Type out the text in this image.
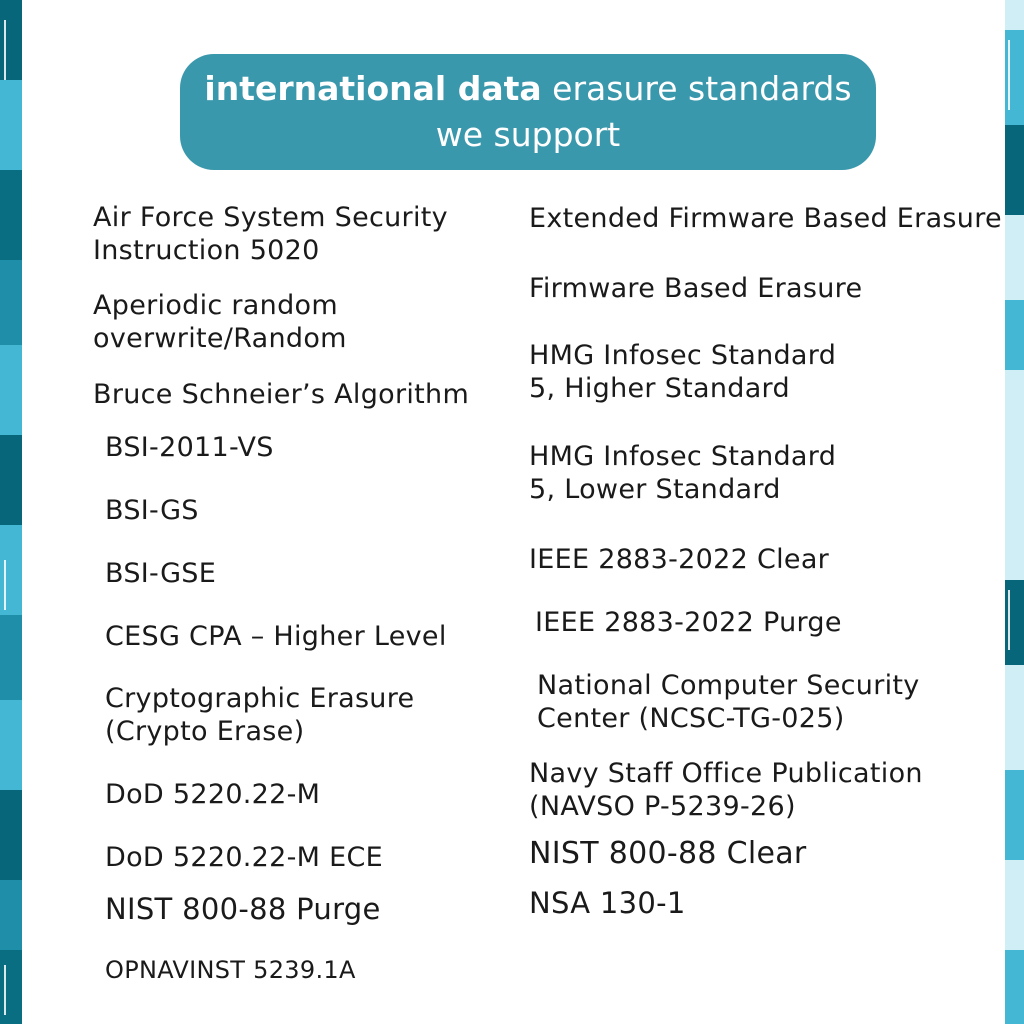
international data erasure standards
we support
Air Force System Security
Instruction 5020
Aperiodic random
overwrite/Random
Bruce Schneier’s Algorithm
BSI-2011-VS
BSI-GS
BSI-GSE
CESG CPA – Higher Level
Cryptographic Erasure
(Crypto Erase)
DoD 5220.22-M
DoD 5220.22-M ECE
NIST 800-88 Purge
OPNAVINST 5239.1A
Extended Firmware Based Erasure
Firmware Based Erasure
HMG Infosec Standard
5, Higher Standard
HMG Infosec Standard
5, Lower Standard
IEEE 2883-2022 Clear
IEEE 2883-2022 Purge
National Computer Security
Center (NCSC-TG-025)
Navy Staff Office Publication
(NAVSO P-5239-26)
NIST 800-88 Clear
NSA 130-1
